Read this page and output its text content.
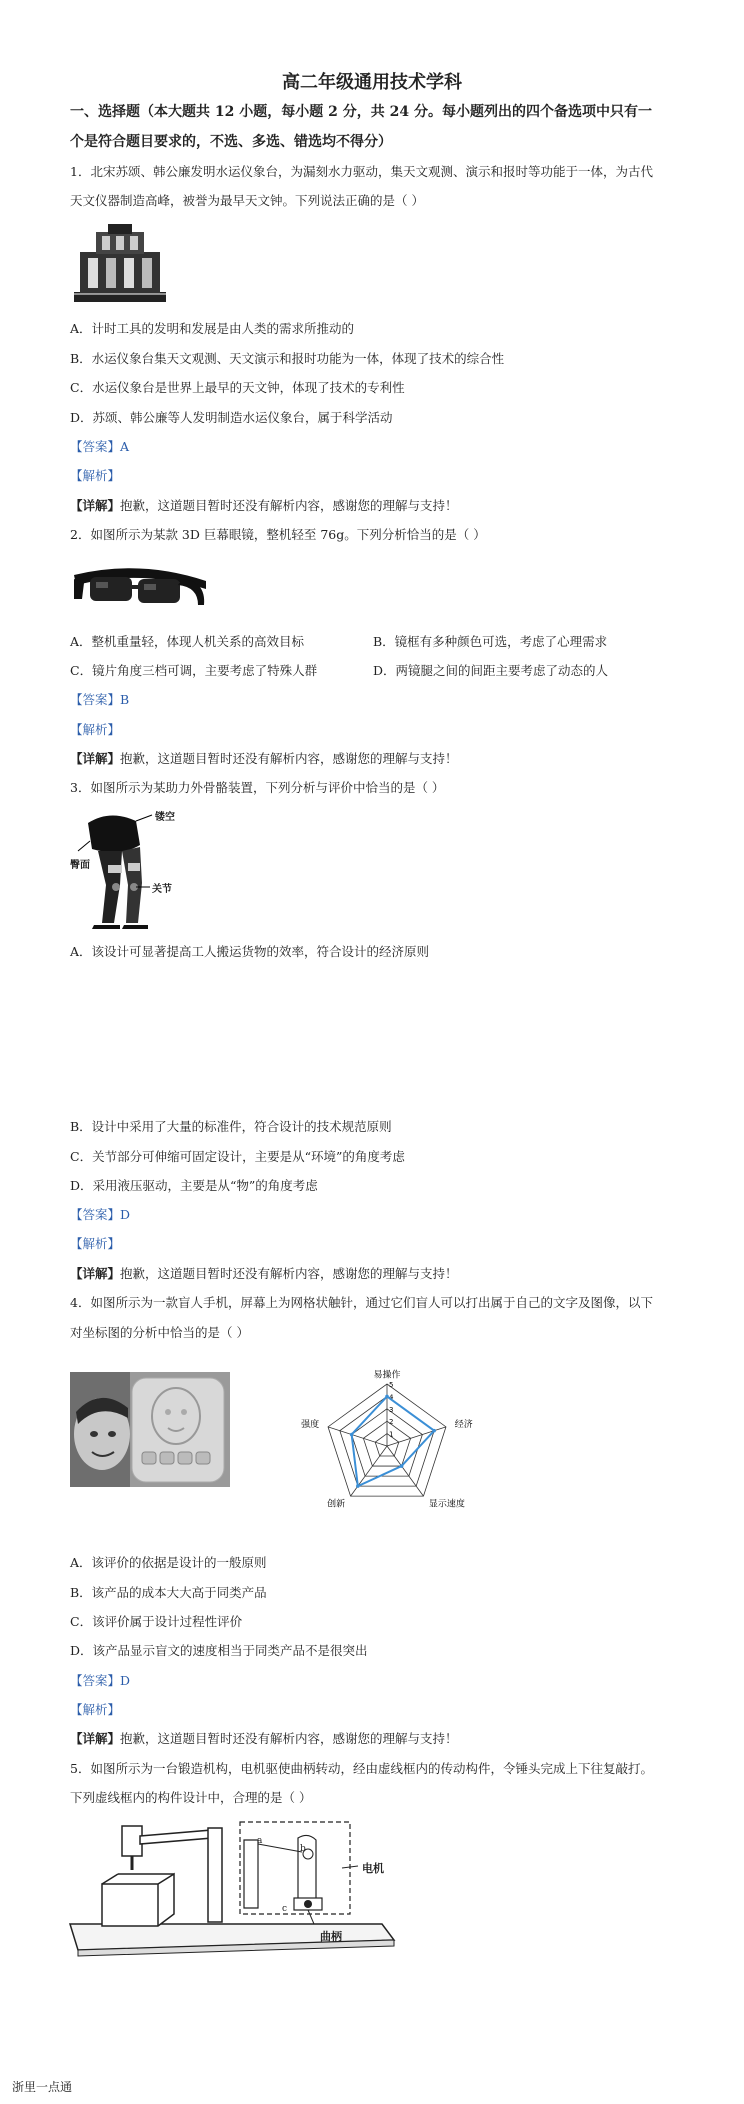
高二年级通用技术学科
一、选择题（本大题共 12 小题，每小题 2 分，共 24 分。每小题列出的四个备选项中只有一
个是符合题目要求的，不选、多选、错选均不得分）
1．北宋苏颂、韩公廉发明水运仪象台，为漏刻水力驱动，集天文观测、演示和报时等功能于一体，为古代
天文仪器制造高峰，被誉为最早天文钟。下列说法正确的是（ ）
A．计时工具的发明和发展是由人类的需求所推动的
B．水运仪象台集天文观测、天文演示和报时功能为一体，体现了技术的综合性
C．水运仪象台是世界上最早的天文钟，体现了技术的专利性
D．苏颂、韩公廉等人发明制造水运仪象台，属于科学活动
【答案】A
【解析】
【详解】抱歉，这道题目暂时还没有解析内容，感谢您的理解与支持！
2．如图所示为某款 3D 巨幕眼镜，整机轻至 76g。下列分析恰当的是（ ）
A．整机重量轻，体现人机关系的高效目标	B．镜框有多种颜色可选，考虑了心理需求
C．镜片角度三档可调，主要考虑了特殊人群	D．两镜腿之间的间距主要考虑了动态的人
【答案】B
【解析】
【详解】抱歉，这道题目暂时还没有解析内容，感谢您的理解与支持！
3．如图所示为某助力外骨骼装置，下列分析与评价中恰当的是（ ）
镂空
臀面
关节
A．该设计可显著提高工人搬运货物的效率，符合设计的经济原则
B．设计中采用了大量的标准件，符合设计的技术规范原则
C．关节部分可伸缩可固定设计，主要是从“环境”的角度考虑
D．采用液压驱动，主要是从“物”的角度考虑
【答案】D
【解析】
【详解】抱歉，这道题目暂时还没有解析内容，感谢您的理解与支持！
4．如图所示为一款盲人手机，屏幕上为网格状触针，通过它们盲人可以打出属于自己的文字及图像，以下
对坐标图的分析中恰当的是（ ）
易操作
经济
显示速度
创新
强度
1
2
3
4
5
A．该评价的依据是设计的一般原则
B．该产品的成本大大高于同类产品
C．该评价属于设计过程性评价
D．该产品显示盲文的速度相当于同类产品不是很突出
【答案】D
【解析】
【详解】抱歉，这道题目暂时还没有解析内容，感谢您的理解与支持！
5．如图所示为一台锻造机构，电机驱使曲柄转动，经由虚线框内的传动构件，令锤头完成上下往复敲打。
下列虚线框内的构件设计中，合理的是（ ）
a
b
c
电机
曲柄
浙里一点通
